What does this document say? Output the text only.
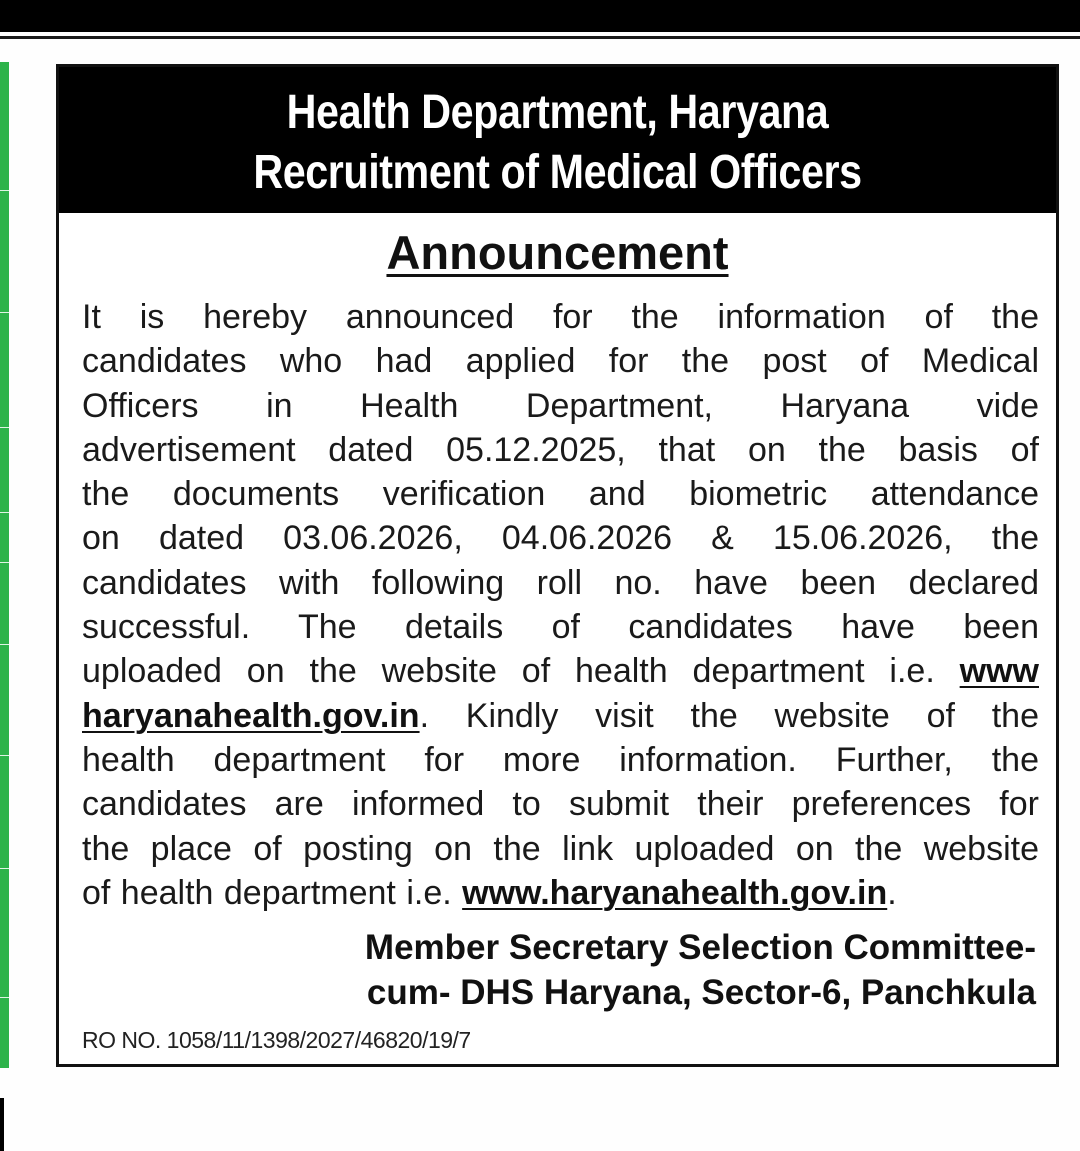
Health Department, Haryana
Recruitment of Medical Officers
Announcement
It is hereby announced for the information of the
candidates who had applied for the post of Medical
Officers in Health Department, Haryana vide
advertisement dated 05.12.2025, that on the basis of
the documents verification and biometric attendance
on dated 03.06.2026, 04.06.2026 & 15.06.2026, the
candidates with following roll no. have been declared
successful. The details of candidates have been
uploaded on the website of health department i.e. www
haryanahealth.gov.in. Kindly visit the website of the
health department for more information. Further, the
candidates are informed to submit their preferences for
the place of posting on the link uploaded on the website
of health department i.e. www.haryanahealth.gov.in.
Member Secretary Selection Committee-
cum- DHS Haryana, Sector-6, Panchkula
RO NO. 1058/11/1398/2027/46820/19/7
